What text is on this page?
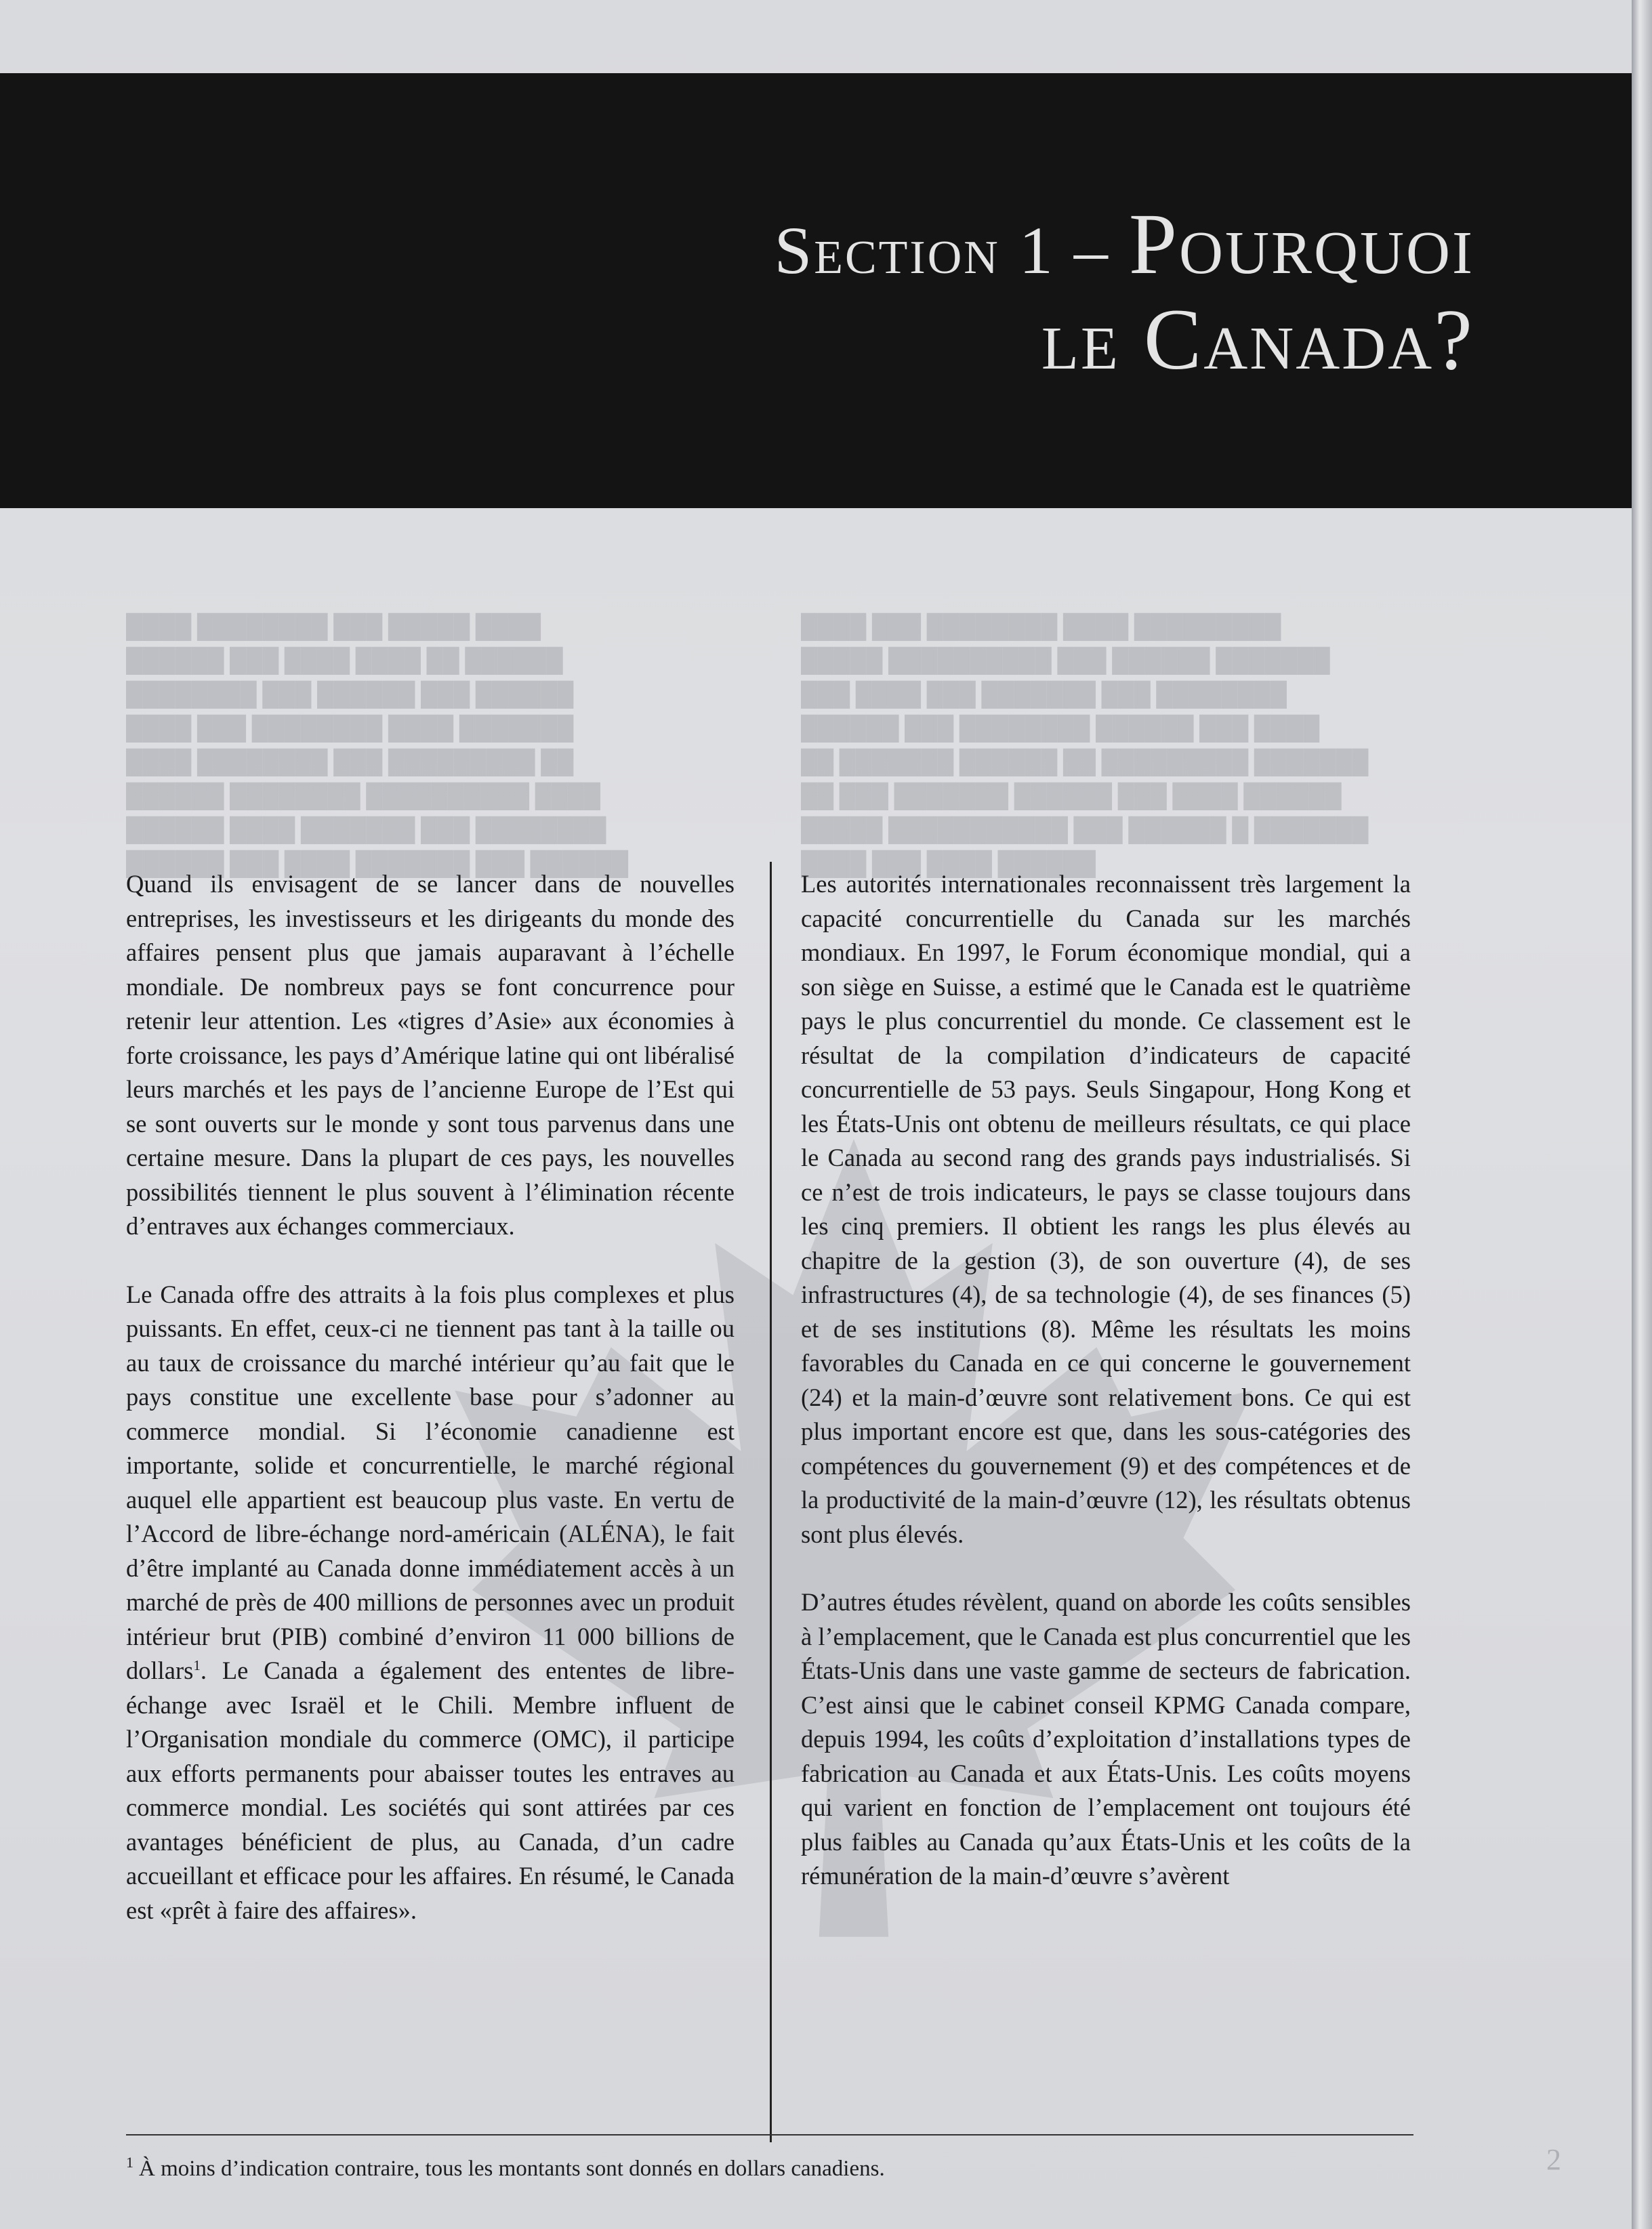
██████ ███ ████ ███████ ███ ██████
██████ ████ ███████ ███ ████████
██████ ████████ ██████████ ████
████ ████████ ███ █████████ ██
████ ███ ████████ ████ ███████
████████ ███ ██████ ███ ██████
██████ ███ ████ ████ ██ ██████
████ ████████ ███ █████ ████
████ ███ ████ ██████
█████ ███████████ ███ ██████ █ ███████
██ ███ ███████ ██████ ███ ████ ██████
██ ███████ ██████ ██ █████████ ███████
██████ ███ ████████ ██████ ███ ████
███ ████ ███ ███████ ███ ████████
█████ ██████████ ███ ██████ ███████
████ ███ ████████ ████ █████████
Section 1 – Pourquoi
le Canada?

Quand ils envisagent de se lancer dans de nouvelles entreprises, les investisseurs et les dirigeants du monde des affaires pensent plus que jamais auparavant à l’échelle mondiale. De nombreux pays se font concurrence pour retenir leur attention. Les «tigres d’Asie» aux économies à forte croissance, les pays d’Amérique latine qui ont libéralisé leurs marchés et les pays de l’ancienne Europe de l’Est qui se sont ouverts sur le monde y sont tous parvenus dans une certaine mesure. Dans la plupart de ces pays, les nouvelles possibilités tiennent le plus souvent à l’élimination récente d’entraves aux échanges commerciaux.

Le Canada offre des attraits à la fois plus complexes et plus puissants. En effet, ceux-ci ne tiennent pas tant à la taille ou au taux de croissance du marché intérieur qu’au fait que le pays constitue une excellente base pour s’adonner au commerce mondial. Si l’économie canadienne est importante, solide et concurrentielle, le marché régional auquel elle appartient est beaucoup plus vaste. En vertu de l’Accord de libre-échange nord-américain (ALÉNA), le fait d’être implanté au Canada donne immédiatement accès à un marché de près de 400 millions de personnes avec un produit intérieur brut (PIB) combiné d’environ 11 000 billions de dollars$^1$. Le Canada a également des ententes de libre-échange avec Israël et le Chili. Membre influent de l’Organisation mondiale du commerce (OMC), il participe aux efforts permanents pour abaisser toutes les entraves au commerce mondial. Les sociétés qui sont attirées par ces avantages bénéficient de plus, au Canada, d’un cadre accueillant et efficace pour les affaires. En résumé, le Canada est «prêt à faire des affaires».

Les autorités internationales reconnaissent très largement la capacité concurrentielle du Canada sur les marchés mondiaux. En 1997, le Forum économique mondial, qui a son siège en Suisse, a estimé que le Canada est le quatrième pays le plus concurrentiel du monde. Ce classement est le résultat de la compilation d’indicateurs de capacité concurrentielle de 53 pays. Seuls Singapour, Hong Kong et les États-Unis ont obtenu de meilleurs résultats, ce qui place le Canada au second rang des grands pays industrialisés. Si ce n’est de trois indicateurs, le pays se classe toujours dans les cinq premiers. Il obtient les rangs les plus élevés au chapitre de la gestion (3), de son ouverture (4), de ses infrastructures (4), de sa technologie (4), de ses finances (5) et de ses institutions (8). Même les résultats les moins favorables du Canada en ce qui concerne le gouvernement (24) et la main-d’œuvre sont relativement bons. Ce qui est plus important encore est que, dans les sous-catégories des compétences du gouvernement (9) et des compétences et de la productivité de la main-d’œuvre (12), les résultats obtenus sont plus élevés.

D’autres études révèlent, quand on aborde les coûts sensibles à l’emplacement, que le Canada est plus concurrentiel que les États-Unis dans une vaste gamme de secteurs de fabrication. C’est ainsi que le cabinet conseil KPMG Canada compare, depuis 1994, les coûts d’exploitation d’installations types de fabrication au Canada et aux États-Unis. Les coûts moyens qui varient en fonction de l’emplacement ont toujours été plus faibles au Canada qu’aux États-Unis et les coûts de la rémunération de la main-d’œuvre s’avèrent

$^1$ À moins d’indication contraire, tous les montants sont donnés en dollars canadiens.	2
